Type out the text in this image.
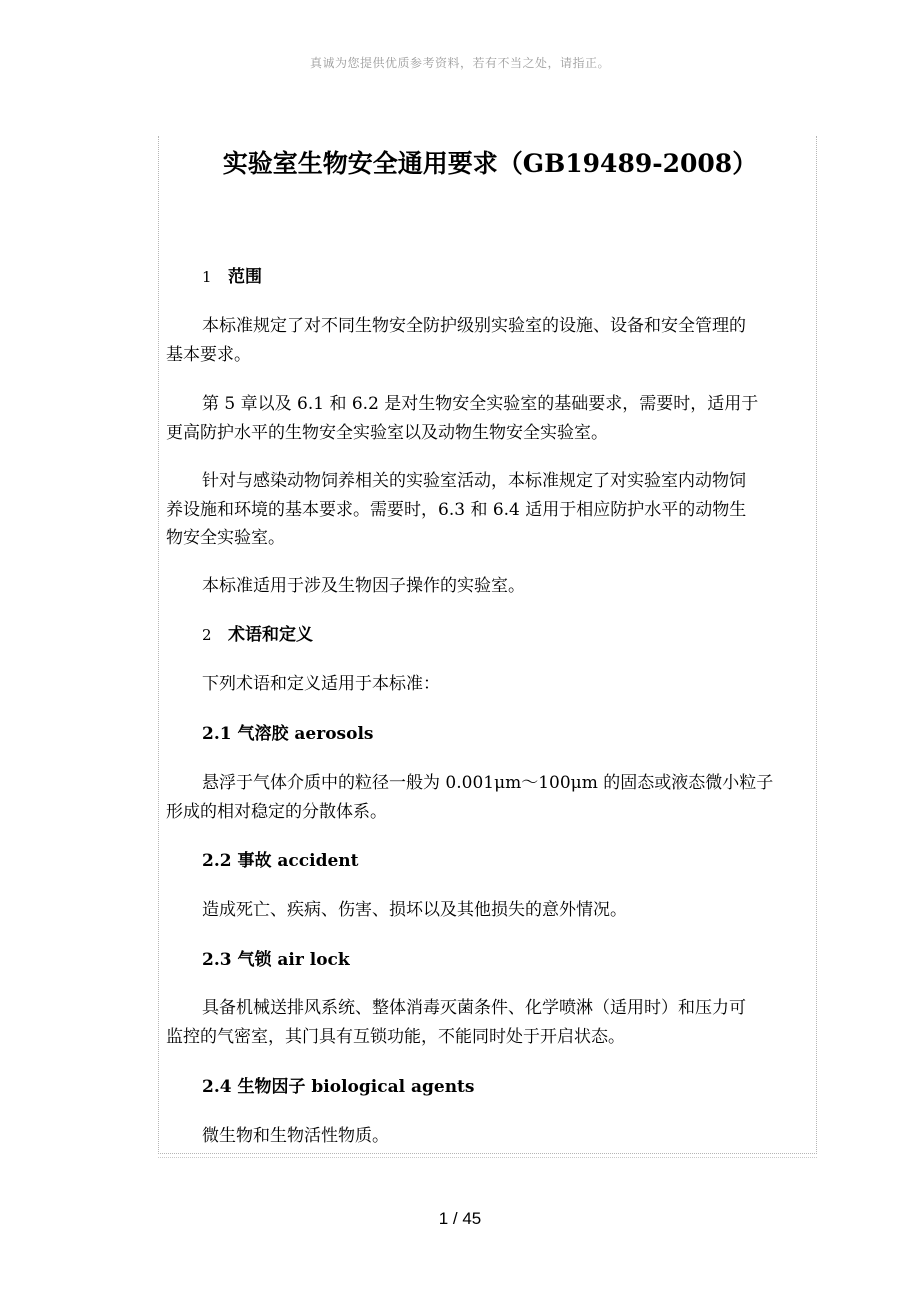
真诚为您提供优质参考资料，若有不当之处，请指正。
实验室生物安全通用要求（GB19489-2008）

1 范围

本标准规定了对不同生物安全防护级别实验室的设施、设备和安全管理的

基本要求。

第 5 章以及 6.1 和 6.2 是对生物安全实验室的基础要求，需要时，适用于

更高防护水平的生物安全实验室以及动物生物安全实验室。

针对与感染动物饲养相关的实验室活动，本标准规定了对实验室内动物饲

养设施和环境的基本要求。需要时，6.3 和 6.4 适用于相应防护水平的动物生

物安全实验室。

本标准适用于涉及生物因子操作的实验室。

2 术语和定义

下列术语和定义适用于本标准：

2.1 气溶胶 aerosols

悬浮于气体介质中的粒径一般为 0.001μm～100μm 的固态或液态微小粒子

形成的相对稳定的分散体系。

2.2 事故 accident

造成死亡、疾病、伤害、损坏以及其他损失的意外情况。

2.3 气锁 air lock

具备机械送排风系统、整体消毒灭菌条件、化学喷淋（适用时）和压力可

监控的气密室，其门具有互锁功能，不能同时处于开启状态。

2.4 生物因子 biological agents

微生物和生物活性物质。

1 / 45
